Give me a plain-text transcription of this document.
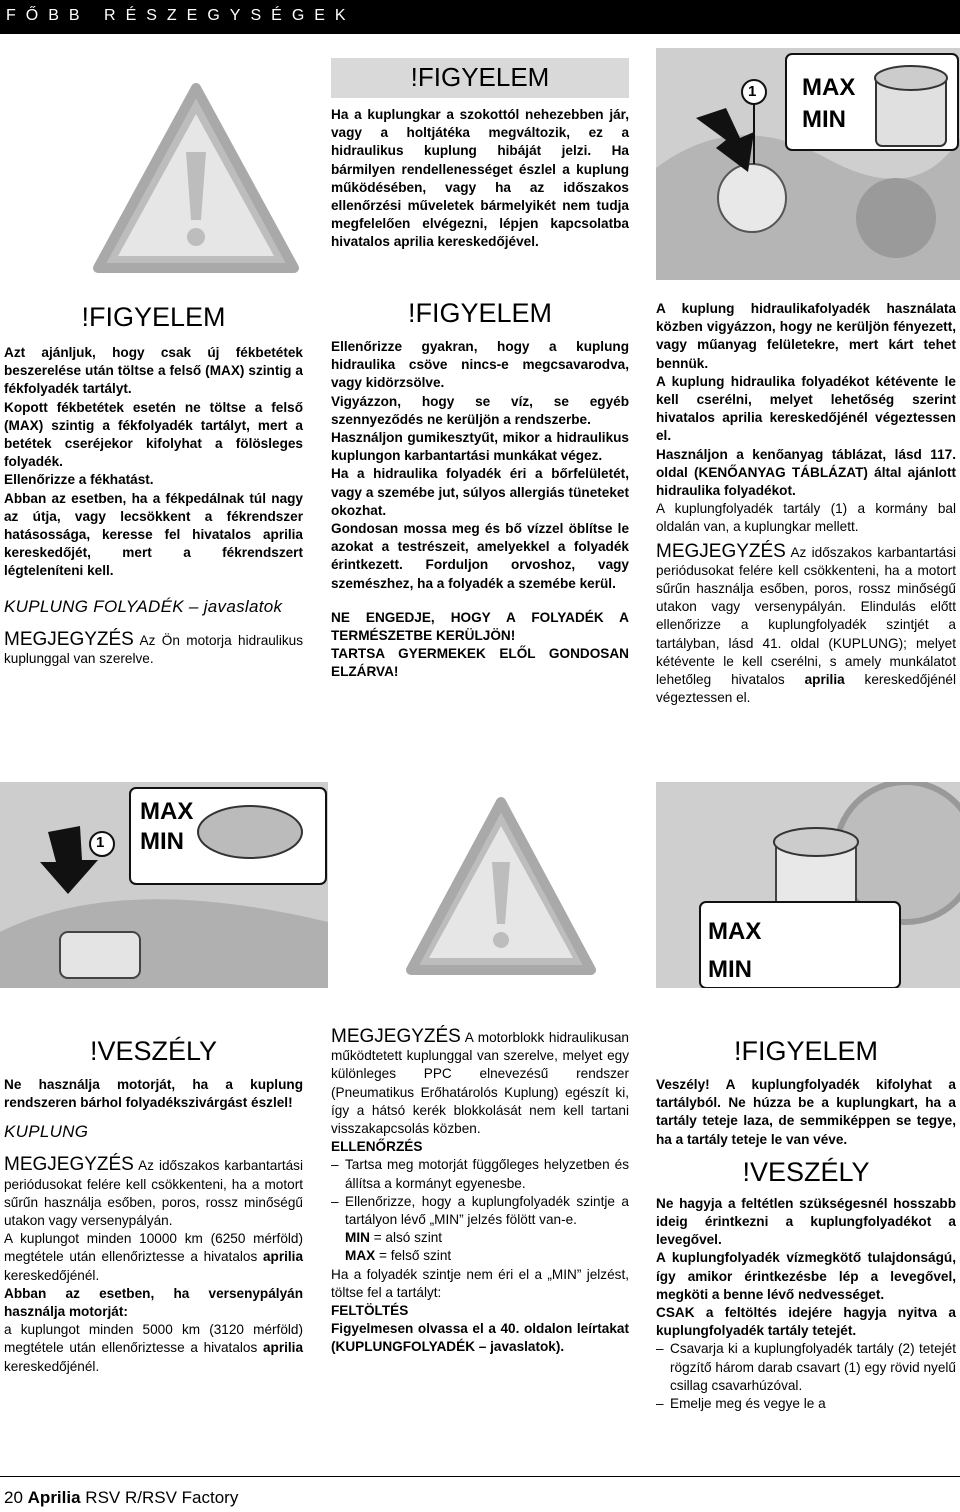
FŐBB RÉSZEGYSÉGEK
!FIGYELEM

Ha a kuplungkar a szokottól nehezebben jár, vagy a holtjátéka megváltozik, ez a hidraulikus kuplung hibáját jelzi. Ha bármilyen rendellenességet észlel a kuplung működésében, vagy ha az időszakos ellenőrzési műveletek bármelyikét nem tudja megfelelően elvégezni, lépjen kapcsolatba hivatalos aprilia kereskedőjével.

1 MAX
MIN
!FIGYELEM

Azt ajánljuk, hogy csak új fékbetétek beszerelése után töltse a felső (MAX) szintig a fékfolyadék tartályt.

Kopott fékbetétek esetén ne töltse a felső (MAX) szintig a fékfolyadék tartályt, mert a betétek cseréjekor kifolyhat a fölösleges folyadék.

Ellenőrizze a fékhatást.

Abban az esetben, ha a fékpedálnak túl nagy az útja, vagy lecsökkent a fékrendszer hatásossága, keresse fel hivatalos aprilia kereskedőjét, mert a fékrendszert légteleníteni kell.

KUPLUNG FOLYADÉK – javaslatok

MEGJEGYZÉS Az Ön motorja hidraulikus kuplunggal van szerelve.

!FIGYELEM

Ellenőrizze gyakran, hogy a kuplung hidraulika csöve nincs-e megcsavarodva, vagy kidörzsölve.

Vigyázzon, hogy se víz, se egyéb szennyeződés ne kerüljön a rendszerbe.

Használjon gumikesztyűt, mikor a hidraulikus kuplungon karbantartási munkákat végez.

Ha a hidraulika folyadék éri a bőrfelületét, vagy a szemébe jut, súlyos allergiás tüneteket okozhat.

Gondosan mossa meg és bő vízzel öblítse le azokat a testrészeit, amelyekkel a folyadék érintkezett. Forduljon orvoshoz, vagy szemészhez, ha a folyadék a szemébe kerül.

NE ENGEDJE, HOGY A FOLYADÉK A TERMÉSZETBE KERÜLJÖN!

TARTSA GYERMEKEK ELŐL GONDOSAN ELZÁRVA!

A kuplung hidraulikafolyadék használata közben vigyázzon, hogy ne kerüljön fényezett, vagy műanyag felületekre, mert kárt tehet bennük.

A kuplung hidraulika folyadékot kétévente le kell cserélni, melyet lehetőség szerint hivatalos aprilia kereskedőjénél végeztessen el.

Használjon a kenőanyag táblázat, lásd 117. oldal (KENŐANYAG TÁBLÁZAT) által ajánlott hidraulika folyadékot.

A kuplungfolyadék tartály (1) a kormány bal oldalán van, a kuplungkar mellett.

MEGJEGYZÉS Az időszakos karbantartási periódusokat felére kell csökkenteni, ha a motort sűrűn használja esőben, poros, rossz minőségű utakon vagy versenypályán. Elindulás előtt ellenőrizze a kuplungfolyadék szintjét a tartályban, lásd 41. oldal (KUPLUNG); melyet kétévente le kell cserélni, s amely munkálatot lehetőleg hivatalos aprilia kereskedőjénél végeztessen el.

1
MAX
MIN
MAX
MIN
!VESZÉLY

Ne használja motorját, ha a kuplung rendszeren bárhol folyadékszivárgást észlel!

KUPLUNG

MEGJEGYZÉS Az időszakos karbantartási periódusokat felére kell csökkenteni, ha a motort sűrűn használja esőben, poros, rossz minőségű utakon vagy versenypályán.

A kuplungot minden 10000 km (6250 mérföld) megtétele után ellenőriztesse a hivatalos aprilia kereskedőjénél.

Abban az esetben, ha versenypályán használja motorját:

a kuplungot minden 5000 km (3120 mérföld) megtétele után ellenőriztesse a hivatalos aprilia kereskedőjénél.

MEGJEGYZÉS A motorblokk hidraulikusan működtetett kuplunggal van szerelve, melyet egy különleges PPC elnevezésű rendszer (Pneumatikus Erőhatárolós Kuplung) egészít ki, így a hátsó kerék blokkolását nem kell tartani visszakapcsolás közben.

ELLENŐRZÉS

– Tartsa meg motorját függőleges helyzetben és állítsa a kormányt egyenesbe.
– Ellenőrizze, hogy a kuplungfolyadék szintje a tartályon lévő „MIN” jelzés fölött van-e.

MIN = alsó szint

MAX = felső szint

Ha a folyadék szintje nem éri el a „MIN” jelzést, töltse fel a tartályt:

FELTÖLTÉS

Figyelmesen olvassa el a 40. oldalon leírtakat (KUPLUNGFOLYADÉK – javaslatok).

!FIGYELEM

Veszély! A kuplungfolyadék kifolyhat a tartályból. Ne húzza be a kuplungkart, ha a tartály teteje laza, de semmiképpen se tegye, ha a tartály teteje le van véve.

!VESZÉLY

Ne hagyja a feltétlen szükségesnél hosszabb ideig érintkezni a kuplungfolyadékot a levegővel.

A kuplungfolyadék vízmegkötő tulajdonságú, így amikor érintkezésbe lép a levegővel, megköti a benne lévő nedvességet.

CSAK a feltöltés idejére hagyja nyitva a kuplungfolyadék tartály tetejét.

– Csavarja ki a kuplungfolyadék tartály (2) tetejét rögzítő három darab csavart (1) egy rövid nyelű csillag csavarhúzóval.
– Emelje meg és vegye le a
20 Aprilia RSV R/RSV Factory
